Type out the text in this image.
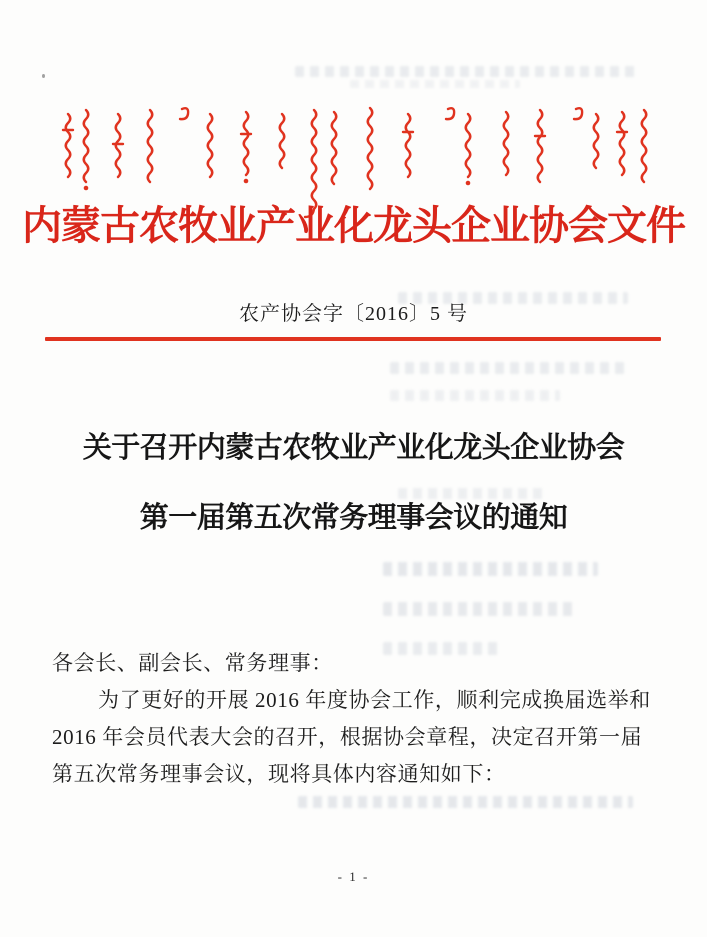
内蒙古农牧业产业化龙头企业协会文件
农产协会字〔2016〕5 号
关于召开内蒙古农牧业产业化龙头企业协会
第一届第五次常务理事会议的通知
各会长、副会长、常务理事：
为了更好的开展 2016 年度协会工作，顺利完成换届选举和
2016 年会员代表大会的召开，根据协会章程，决定召开第一届
第五次常务理事会议，现将具体内容通知如下：
- 1 -
